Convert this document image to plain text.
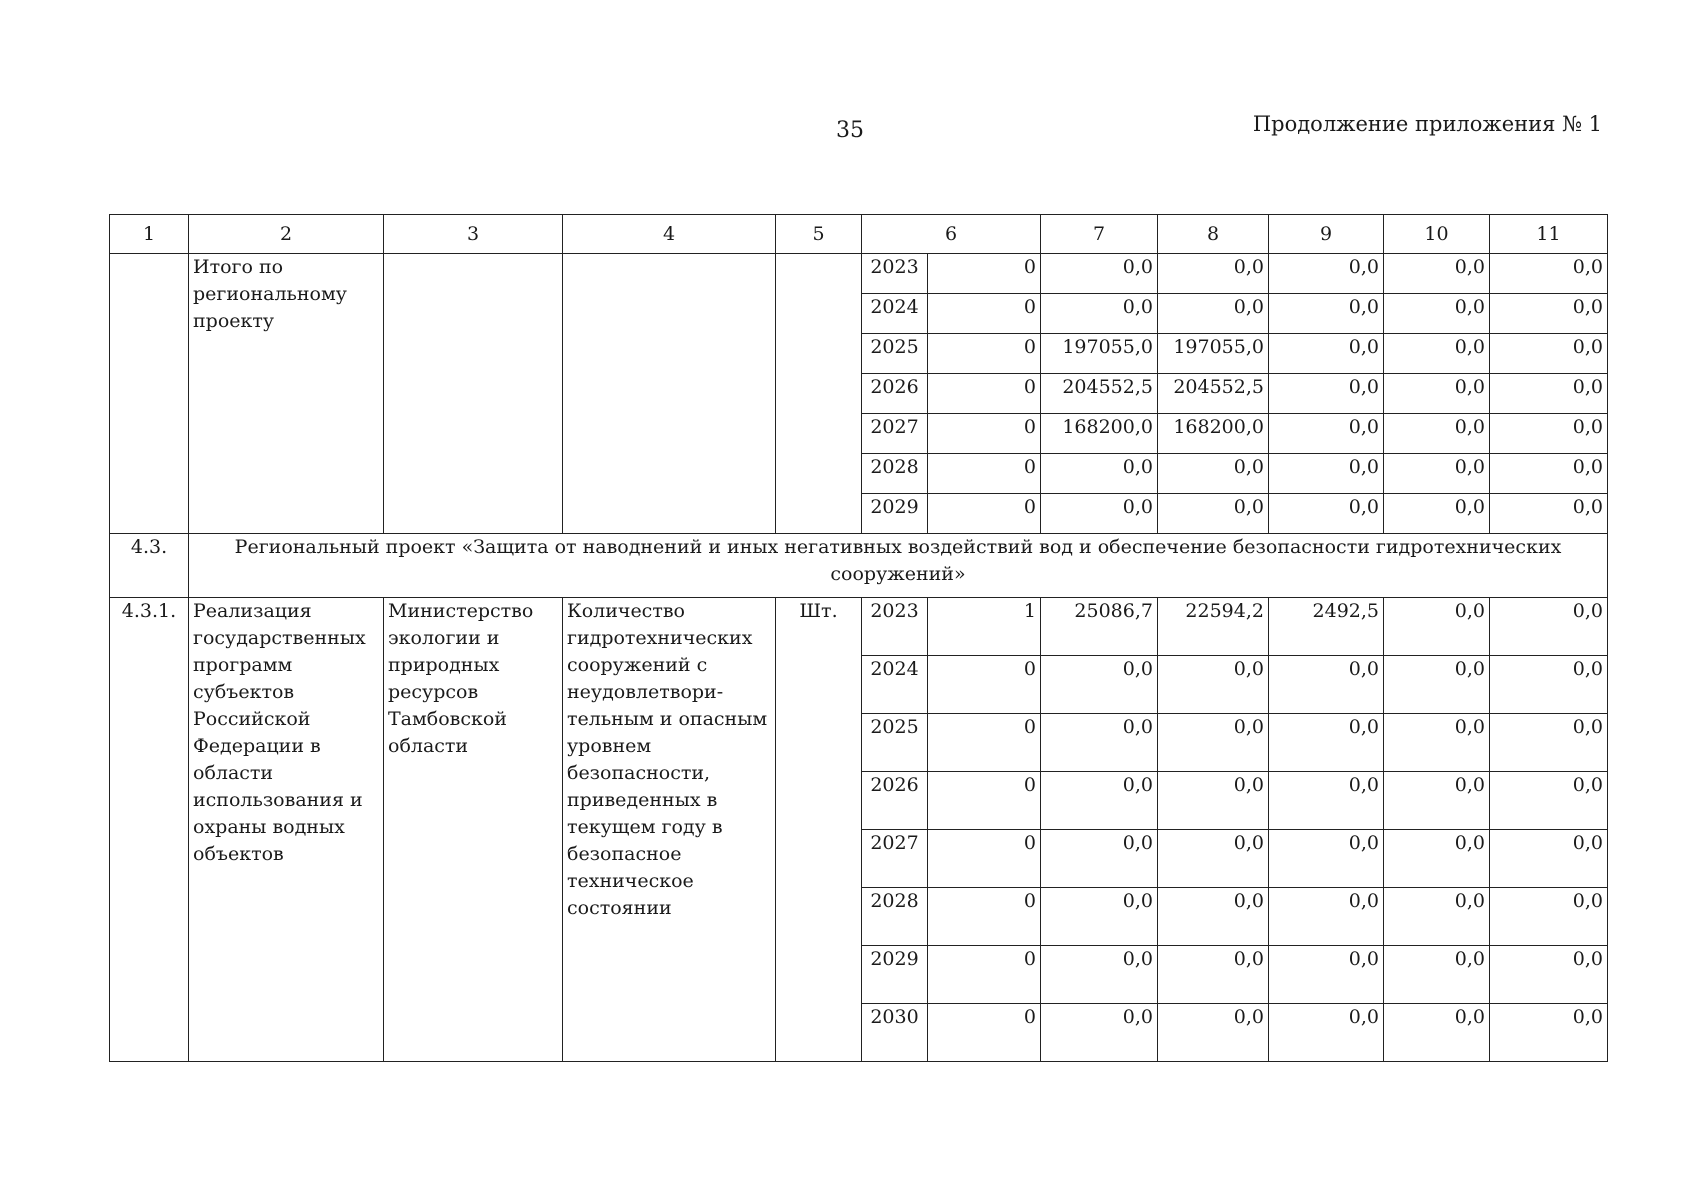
35	Продолжение приложения № 1
1	2	3	4	5	6		7	8	9	10	11
	Итого по региональному проекту				2023	0	0,0	0,0	0,0	0,0	0,0
					2024	0	0,0	0,0	0,0	0,0	0,0
					2025	0	197055,0	197055,0	0,0	0,0	0,0
					2026	0	204552,5	204552,5	0,0	0,0	0,0
					2027	0	168200,0	168200,0	0,0	0,0	0,0
					2028	0	0,0	0,0	0,0	0,0	0,0
					2029	0	0,0	0,0	0,0	0,0	0,0
4.3.	Региональный проект «Защита от наводнений и иных негативных воздействий вод и обеспечение безопасности гидротехнических сооружений»										
4.3.1.	Реализация государственных программ субъектов Российской Федерации в области использования и охраны водных объектов	Министерство экологии и природных ресурсов Тамбовской области	Количество гидротехнических сооружений с неудовлетвори-тельным и опасным уровнем безопасности, приведенных в текущем году в безопасное техническое состоянии	Шт.	2023	1	25086,7	22594,2	2492,5	0,0	0,0
					2024	0	0,0	0,0	0,0	0,0	0,0
					2025	0	0,0	0,0	0,0	0,0	0,0
					2026	0	0,0	0,0	0,0	0,0	0,0
					2027	0	0,0	0,0	0,0	0,0	0,0
					2028	0	0,0	0,0	0,0	0,0	0,0
					2029	0	0,0	0,0	0,0	0,0	0,0
					2030	0	0,0	0,0	0,0	0,0	0,0
